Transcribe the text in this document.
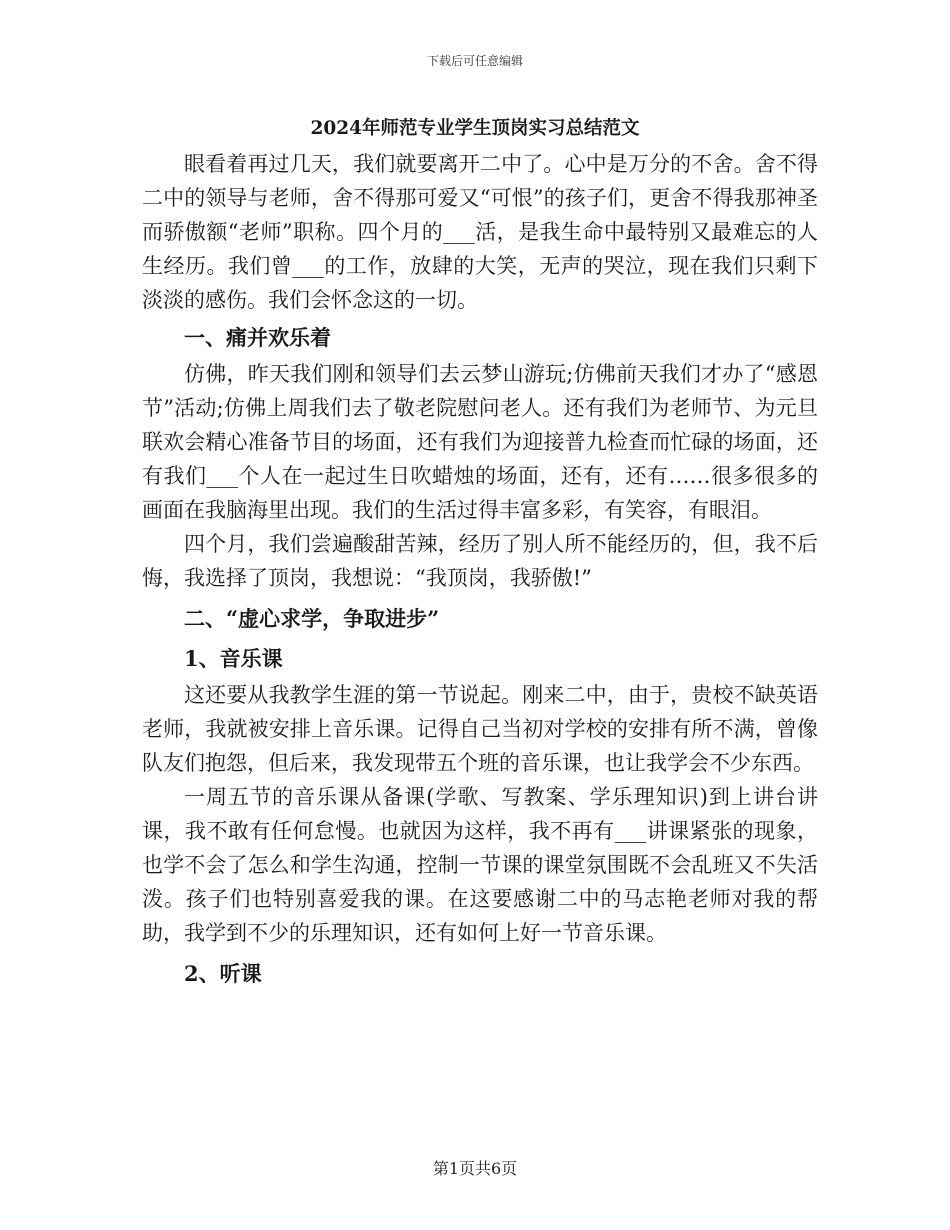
下载后可任意编辑
2024年师范专业学生顶岗实习总结范文

眼看着再过几天，我们就要离开二中了。心中是万分的不舍。舍不得二中的领导与老师，舍不得那可爱又“可恨”的孩子们，更舍不得我那神圣而骄傲额“老师”职称。四个月的___活，是我生命中最特别又最难忘的人生经历。我们曾___的工作，放肆的大笑，无声的哭泣，现在我们只剩下淡淡的感伤。我们会怀念这的一切。

一、痛并欢乐着

仿佛，昨天我们刚和领导们去云梦山游玩;仿佛前天我们才办了“感恩节”活动;仿佛上周我们去了敬老院慰问老人。还有我们为老师节、为元旦联欢会精心准备节目的场面，还有我们为迎接普九检查而忙碌的场面，还有我们___个人在一起过生日吹蜡烛的场面，还有，还有……很多很多的画面在我脑海里出现。我们的生活过得丰富多彩，有笑容，有眼泪。

四个月，我们尝遍酸甜苦辣，经历了别人所不能经历的，但，我不后悔，我选择了顶岗，我想说：“我顶岗，我骄傲!”

二、“虚心求学，争取进步”

1、音乐课

这还要从我教学生涯的第一节说起。刚来二中，由于，贵校不缺英语老师，我就被安排上音乐课。记得自己当初对学校的安排有所不满，曾像队友们抱怨，但后来，我发现带五个班的音乐课，也让我学会不少东西。

一周五节的音乐课从备课(学歌、写教案、学乐理知识)到上讲台讲课，我不敢有任何怠慢。也就因为这样，我不再有___讲课紧张的现象，也学不会了怎么和学生沟通，控制一节课的课堂氛围既不会乱班又不失活泼。孩子们也特别喜爱我的课。在这要感谢二中的马志艳老师对我的帮助，我学到不少的乐理知识，还有如何上好一节音乐课。

2、听课

第1页共6页
